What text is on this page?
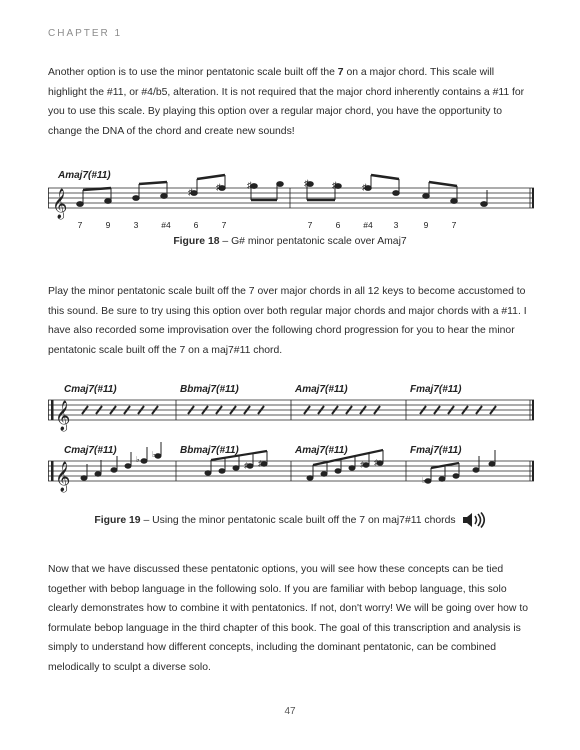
CHAPTER 1

Another option is to use the minor pentatonic scale built off the 7 on a major chord. This scale will highlight the #11, or #4/b5, alteration. It is not required that the major chord inherently contains a #11 for you to use this scale. By playing this option over a regular major chord, you have the opportunity to change the DNA of the chord and create new sounds!

𝄞
Amaj7(#11)
♯	♯	♯	♯	♯	♯
7	9	3	#4	6	7	7	6	#4 3	9	7
Figure 18 – G# minor pentatonic scale over Amaj7

Play the minor pentatonic scale built off the 7 over major chords in all 12 keys to become accustomed to this sound. Be sure to try using this option over both regular major chords and major chords with a #11. I have also recorded some improvisation over the following chord progression for you to hear the minor pentatonic scale built off the 7 on a maj7#11 chord.

𝄞
𝄞
Cmaj7(#11)	Bbmaj7(#11)	Amaj7(#11)	Fmaj7(#11)
Cmaj7(#11)	Bbmaj7(#11)	Amaj7(#11)	Fmaj7(#11)
♭
♭
♯ ♯	♯ ♯
♭
Figure 19 – Using the minor pentatonic scale built off the 7 on maj7#11 chords

Now that we have discussed these pentatonic options, you will see how these concepts can be tied together with bebop language in the following solo. If you are familiar with bebop language, this solo clearly demonstrates how to combine it with pentatonics. If not, don't worry! We will be going over how to formulate bebop language in the third chapter of this book. The goal of this transcription and analysis is simply to understand how different concepts, including the dominant pentatonic, can be combined melodically to sculpt a diverse solo.

47
